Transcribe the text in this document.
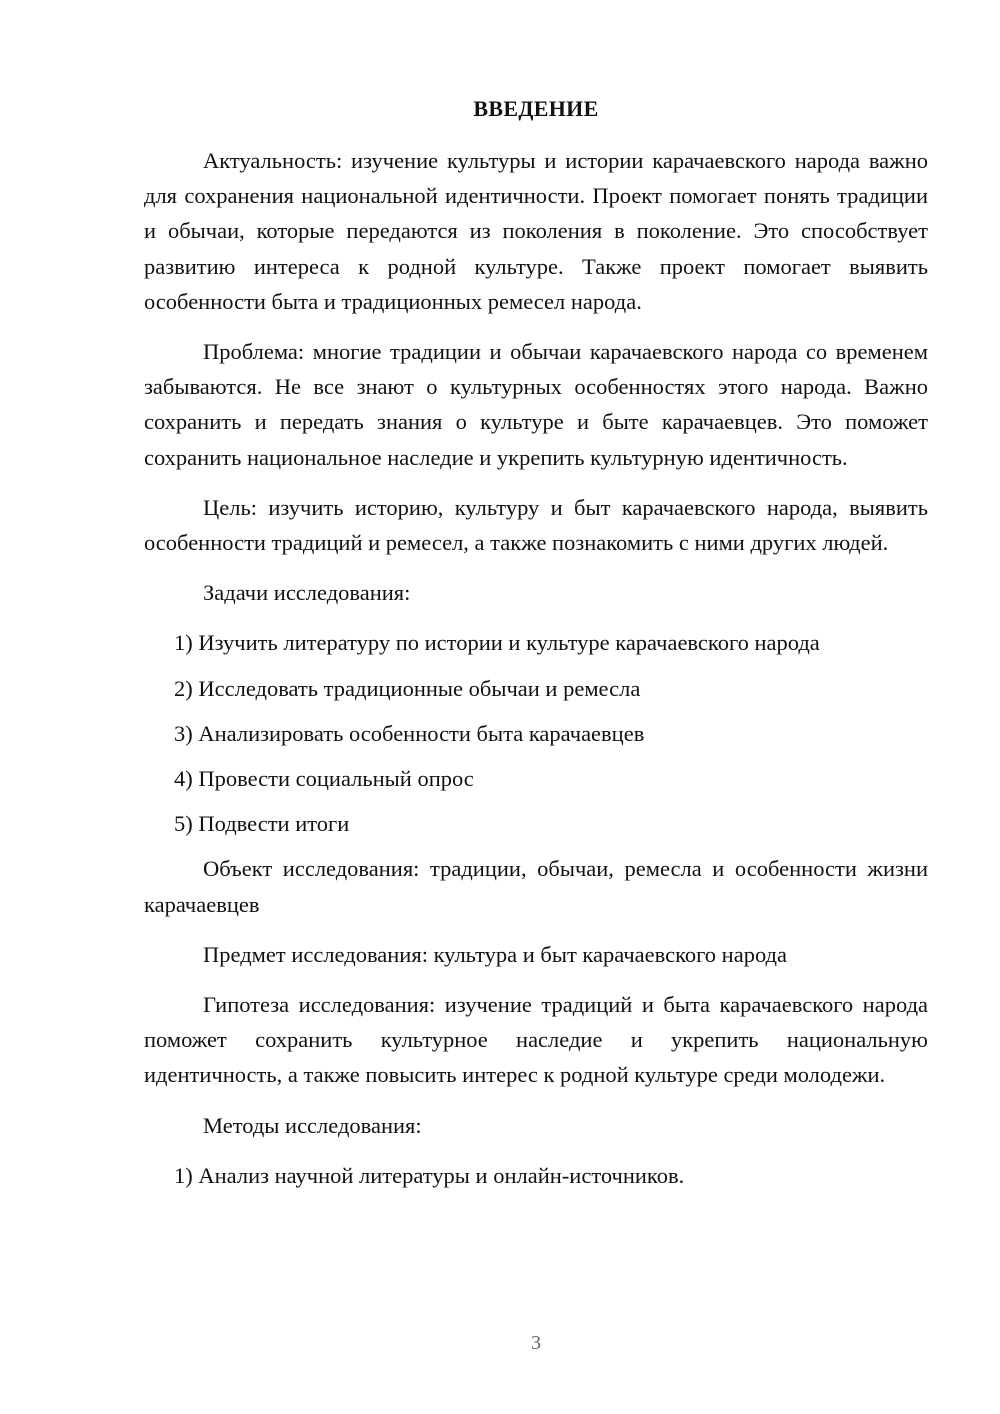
ВВЕДЕНИЕ

Актуальность: изучение культуры и истории карачаевского народа важно для сохранения национальной идентичности. Проект помогает понять традиции и обычаи, которые передаются из поколения в поколение. Это способствует развитию интереса к родной культуре. Также проект помогает выявить особенности быта и традиционных ремесел народа.

Проблема: многие традиции и обычаи карачаевского народа со временем забываются. Не все знают о культурных особенностях этого народа. Важно сохранить и передать знания о культуре и быте карачаевцев. Это поможет сохранить национальное наследие и укрепить культурную идентичность.

Цель: изучить историю, культуру и быт карачаевского народа, выявить особенности традиций и ремесел, а также познакомить с ними других людей.

Задачи исследования:

1) Изучить литературу по истории и культуре карачаевского народа
2) Исследовать традиционные обычаи и ремесла
3) Анализировать особенности быта карачаевцев
4) Провести социальный опрос
5) Подвести итоги

Объект исследования: традиции, обычаи, ремесла и особенности жизни карачаевцев

Предмет исследования: культура и быт карачаевского народа

Гипотеза исследования: изучение традиций и быта карачаевского народа поможет сохранить культурное наследие и укрепить национальную идентичность, а также повысить интерес к родной культуре среди молодежи.

Методы исследования:

1) Анализ научной литературы и онлайн-источников.
3
